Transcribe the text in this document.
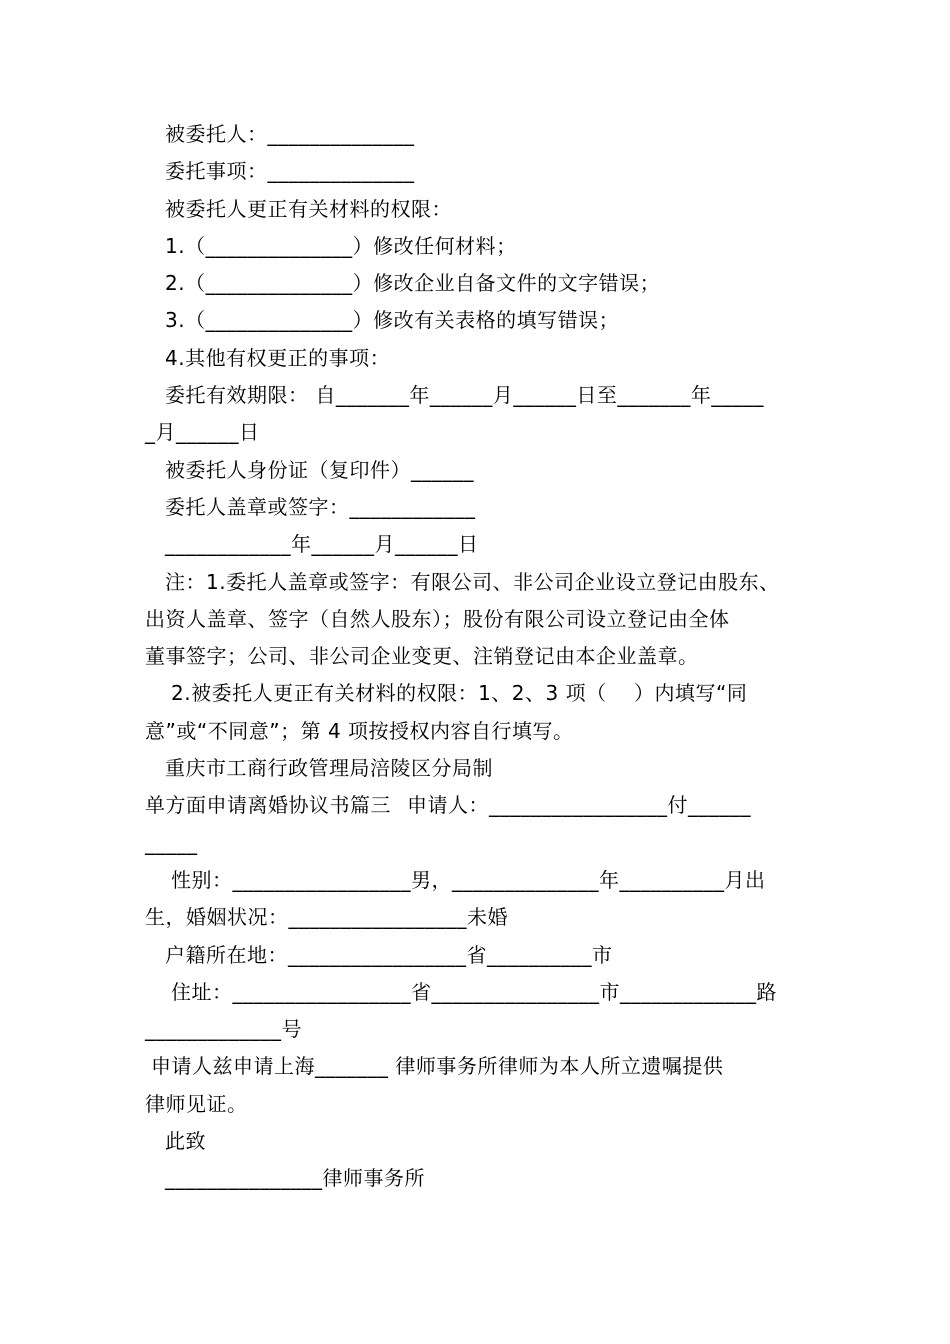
被委托人：______________
委托事项：______________
被委托人更正有关材料的权限：
1.（______________）修改任何材料；
2.（______________）修改企业自备文件的文字错误；
3.（______________）修改有关表格的填写错误；
4.其他有权更正的事项：
委托有效期限： 自_______年______月______日至_______年_____
_月______日
被委托人身份证（复印件）______
委托人盖章或签字：____________
____________年______月______日
注：1.委托人盖章或签字：有限公司、非公司企业设立登记由股东、
出资人盖章、签字（自然人股东）；股份有限公司设立登记由全体
董事签字；公司、非公司企业变更、注销登记由本企业盖章。
2.被委托人更正有关材料的权限：1、2、3 项（　 ）内填写“同
意”或“不同意”；第 4 项按授权内容自行填写。
重庆市工商行政管理局涪陵区分局制
单方面申请离婚协议书篇三 申请人：_________________付______
_____
性别：_________________男，______________年__________月出
生，婚姻状况：_________________未婚
户籍所在地：_________________省__________市
住址：_________________省________________市_____________路
_____________号
申请人兹申请上海_______ 律师事务所律师为本人所立遗嘱提供
律师见证。
此致
_______________律师事务所
